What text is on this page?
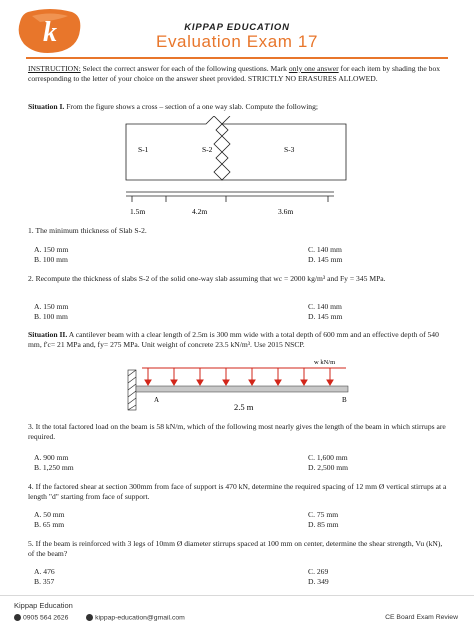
k	KIPPAP EDUCATION
Evaluation Exam 17
INSTRUCTION: Select the correct answer for each of the following questions. Mark only one answer for each item by shading the box corresponding to the letter of your choice on the answer sheet provided. STRICTLY NO ERASURES ALLOWED.
Situation I. From the figure shows a cross – section of a one way slab. Compute the following;
S-1	S-2	S-3
1.5m	4.2m	3.6m
1. The minimum thickness of Slab S-2.
A. 150 mm	C. 140 mm
B. 100 mm	D. 145 mm
2. Recompute the thickness of slabs S-2 of the solid one-way slab assuming that wc = 2000 kg/m³ and Fy = 345 MPa.
A. 150 mm	C. 140 mm
B. 100 mm	D. 145 mm
Situation II. A cantilever beam with a clear length of 2.5m is 300 mm wide with a total depth of 600 mm and an effective depth of 540 mm, f'c= 21 MPa and, fy= 275 MPa. Unit weight of concrete 23.5 kN/m³. Use 2015 NSCP.
w kN/m
A	B
2.5 m
3. It the total factored load on the beam is 58 kN/m, which of the following most nearly gives the length of the beam in which stirrups are required.
A. 900 mm	C. 1,600 mm
B. 1,250 mm	D. 2,500 mm
4. If the factored shear at section 300mm from face of support is 470 kN, determine the required spacing of 12 mm Ø vertical stirrups at a length "d" starting from face of support.
A. 50 mm	C. 75 mm
B. 65 mm	D. 85 mm
5. If the beam is reinforced with 3 legs of 10mm Ø diameter stirrups spaced at 100 mm on center, determine the shear strength, Vu (kN), of the beam?
A. 476	C. 269
B. 357	D. 349
Kippap Education
0905 564 2626	kippap-education@gmail.com	CE Board Exam Review
